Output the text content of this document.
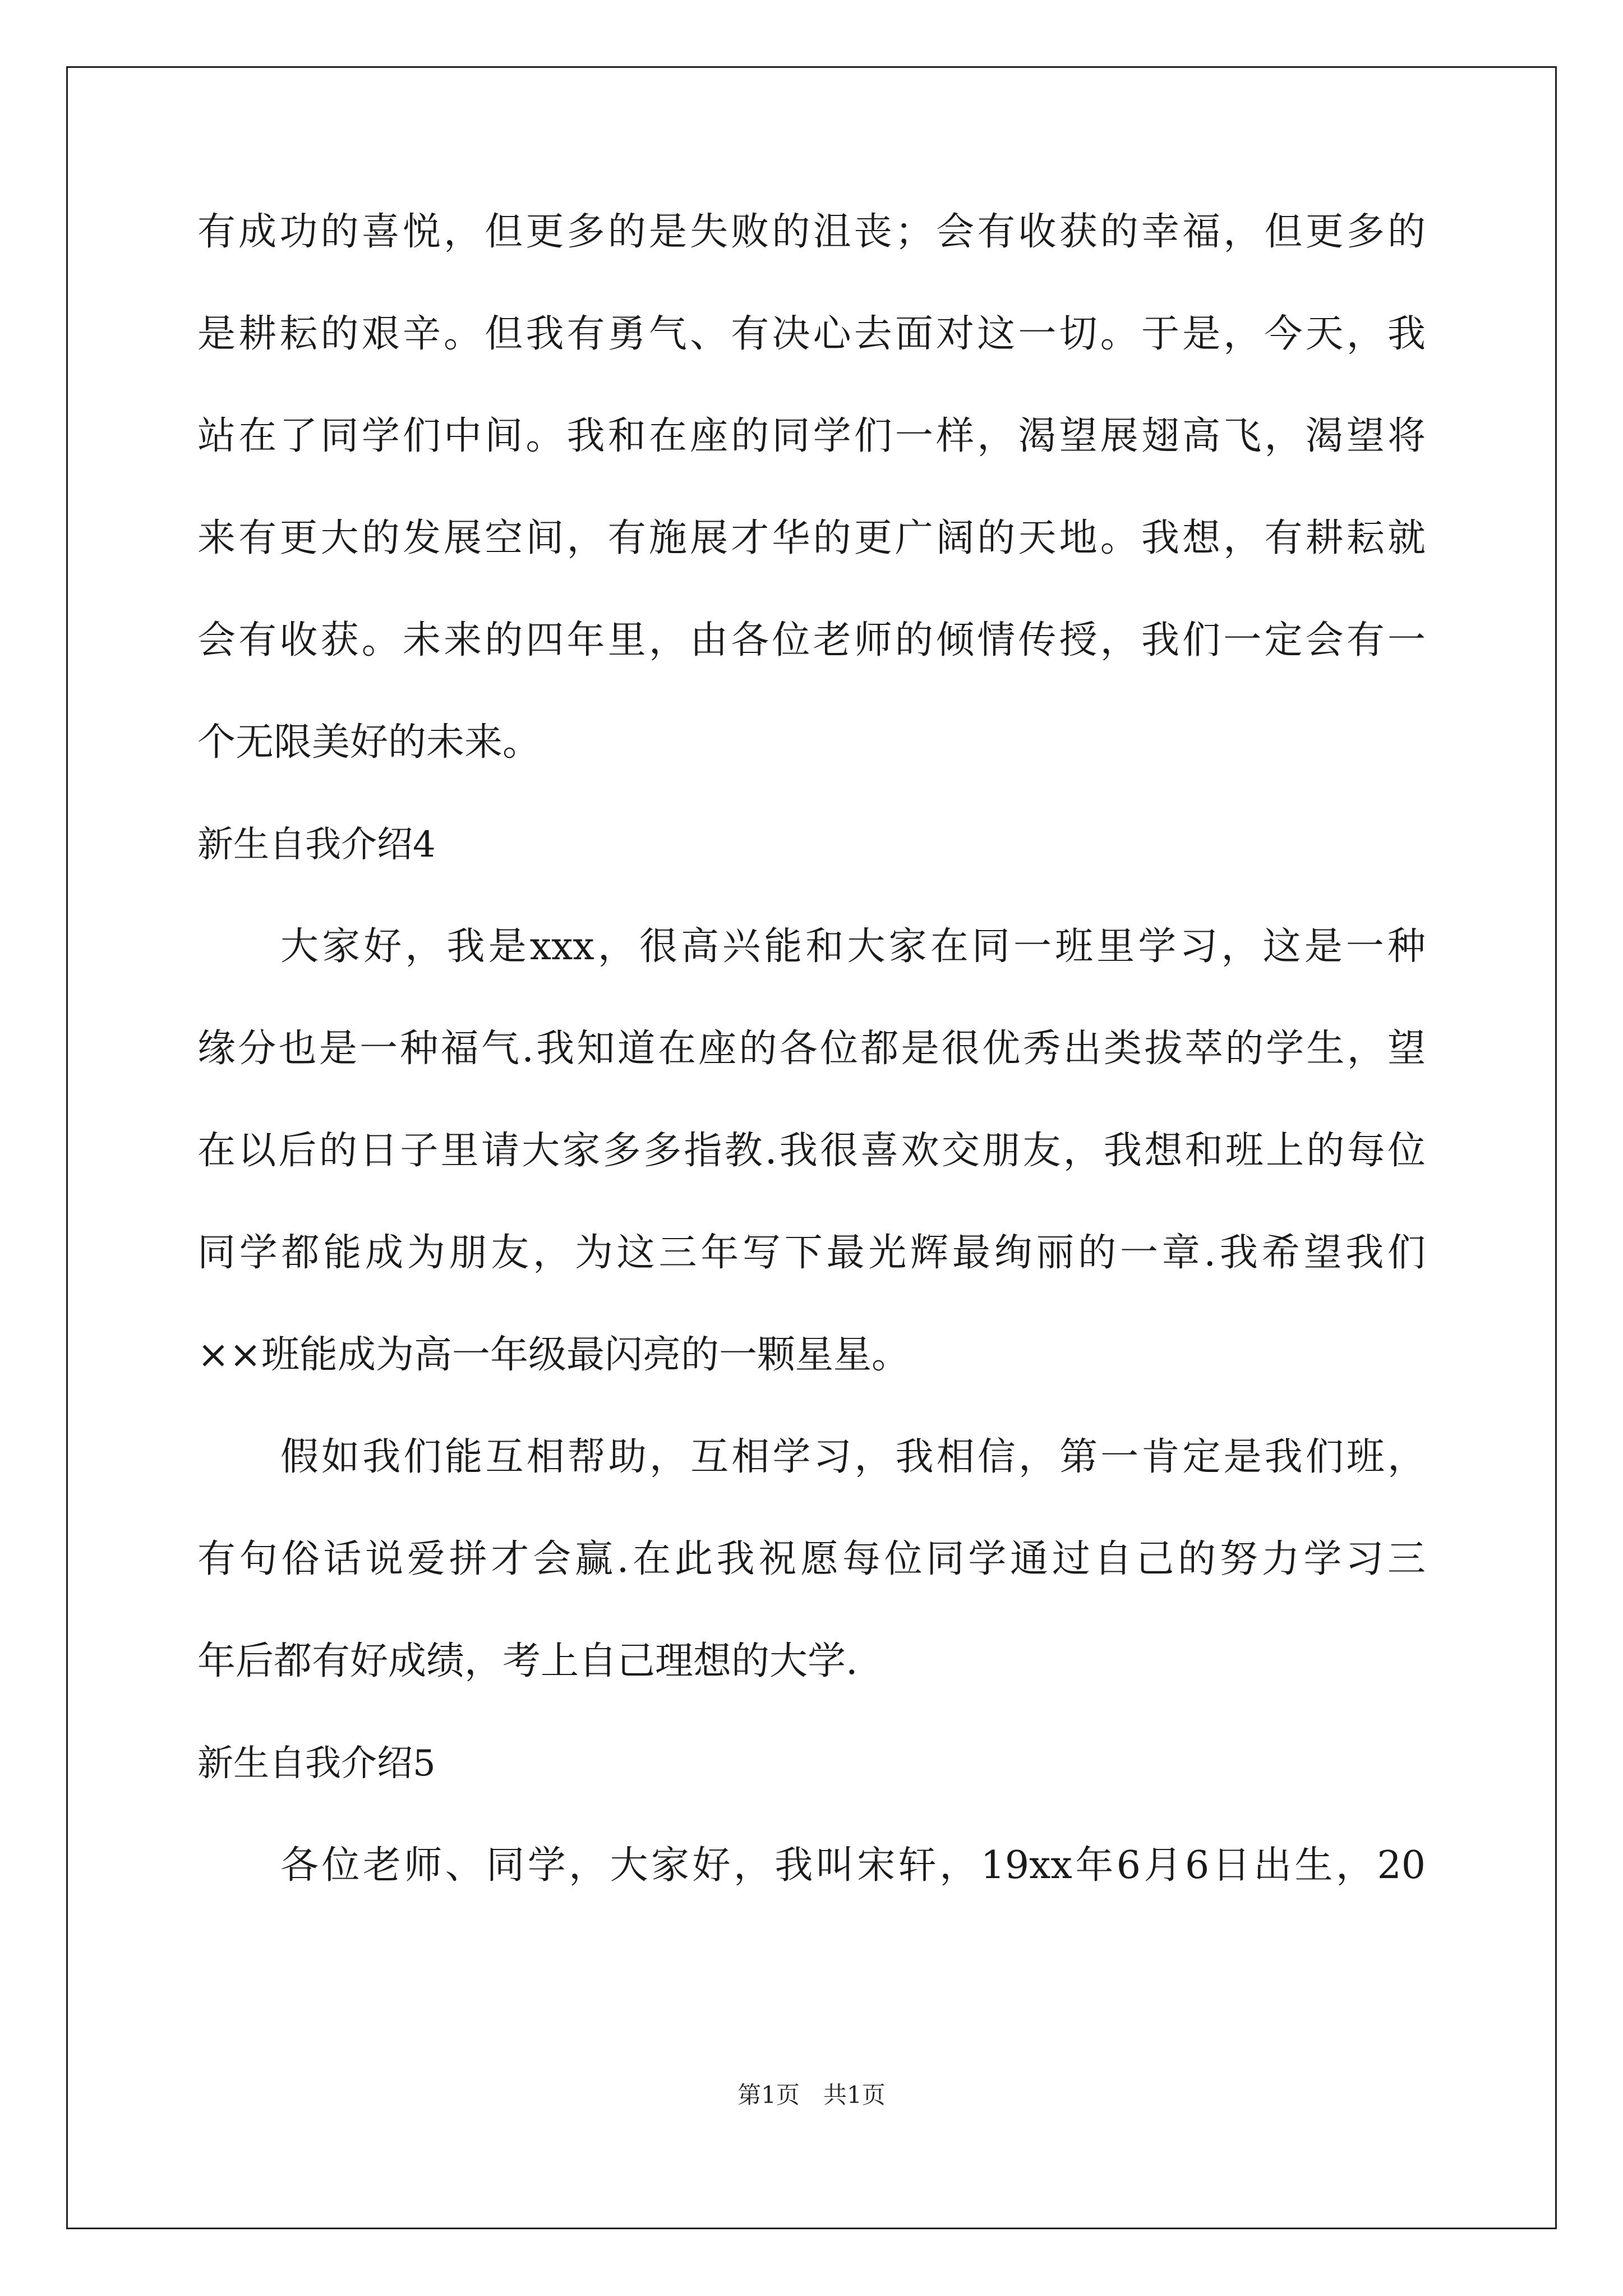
有成功的喜悦，但更多的是失败的沮丧；会有收获的幸福，但更多的
是耕耘的艰辛。但我有勇气、有决心去面对这一切。于是，今天，我
站在了同学们中间。我和在座的同学们一样，渴望展翅高飞，渴望将
来有更大的发展空间，有施展才华的更广阔的天地。我想，有耕耘就
会有收获。未来的四年里，由各位老师的倾情传授，我们一定会有一
个无限美好的未来。
新生自我介绍4
大家好，我是xxx，很高兴能和大家在同一班里学习，这是一种
缘分也是一种福气.我知道在座的各位都是很优秀出类拔萃的学生，望
在以后的日子里请大家多多指教.我很喜欢交朋友，我想和班上的每位
同学都能成为朋友，为这三年写下最光辉最绚丽的一章.我希望我们
××班能成为高一年级最闪亮的一颗星星。
假如我们能互相帮助，互相学习，我相信，第一肯定是我们班，
有句俗话说爱拼才会赢.在此我祝愿每位同学通过自己的努力学习三
年后都有好成绩，考上自己理想的大学.
新生自我介绍5
各位老师、同学，大家好，我叫宋轩，19xx年6月6日出生，20
第1页　共1页
